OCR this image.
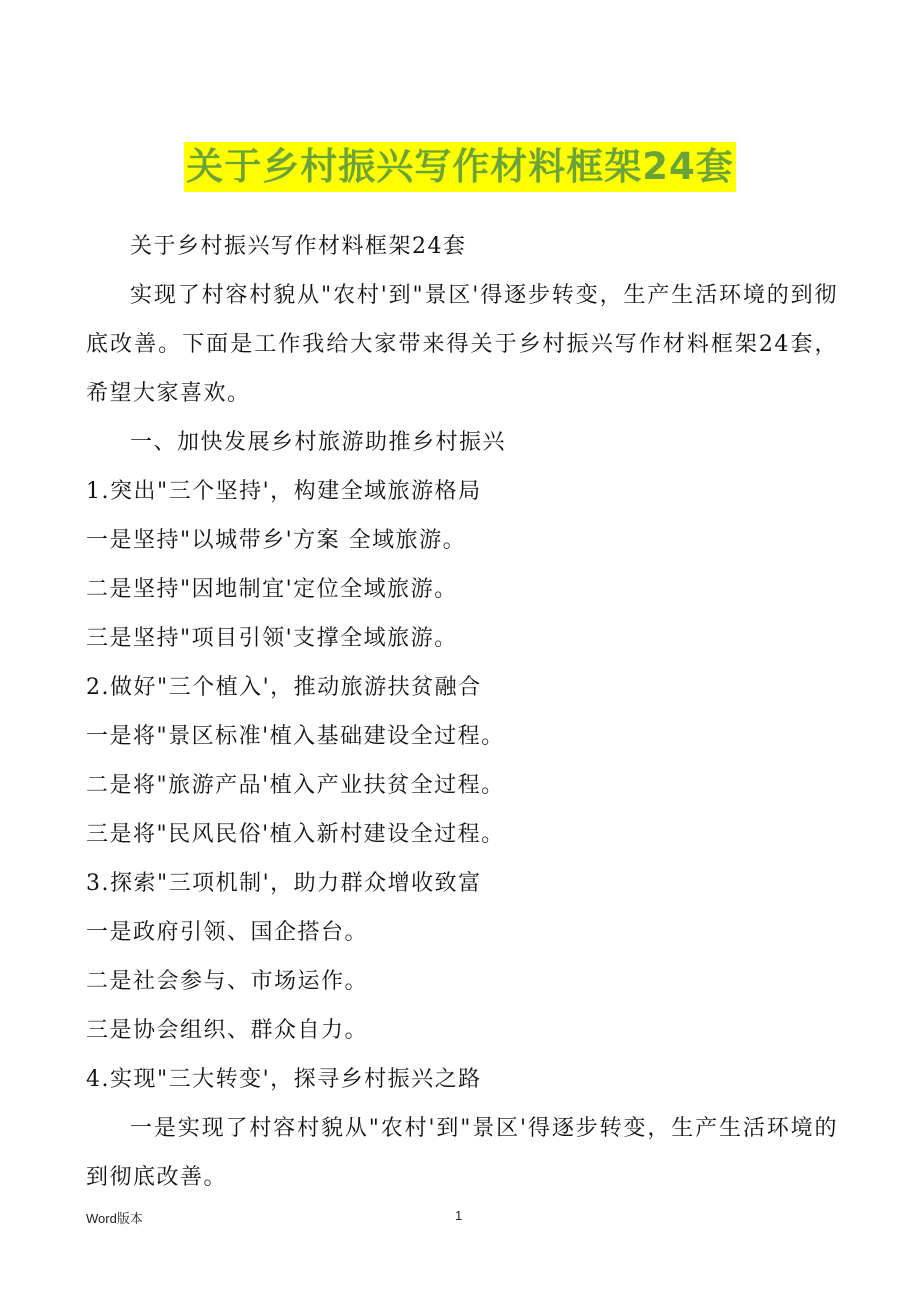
关于乡村振兴写作材料框架24套

关于乡村振兴写作材料框架24套

实现了村容村貌从"农村'到"景区'得逐步转变，生产生活环境的到彻底改善。下面是工作我给大家带来得关于乡村振兴写作材料框架24套，希望大家喜欢。

一、加快发展乡村旅游助推乡村振兴

1.突出"三个坚持'，构建全域旅游格局

一是坚持"以城带乡'方案 全域旅游。

二是坚持"因地制宜'定位全域旅游。

三是坚持"项目引领'支撑全域旅游。

2.做好"三个植入'，推动旅游扶贫融合

一是将"景区标准'植入基础建设全过程。

二是将"旅游产品'植入产业扶贫全过程。

三是将"民风民俗'植入新村建设全过程。

3.探索"三项机制'，助力群众增收致富

一是政府引领、国企搭台。

二是社会参与、市场运作。

三是协会组织、群众自力。

4.实现"三大转变'，探寻乡村振兴之路

一是实现了村容村貌从"农村'到"景区'得逐步转变，生产生活环境的到彻底改善。

Word版本	1
